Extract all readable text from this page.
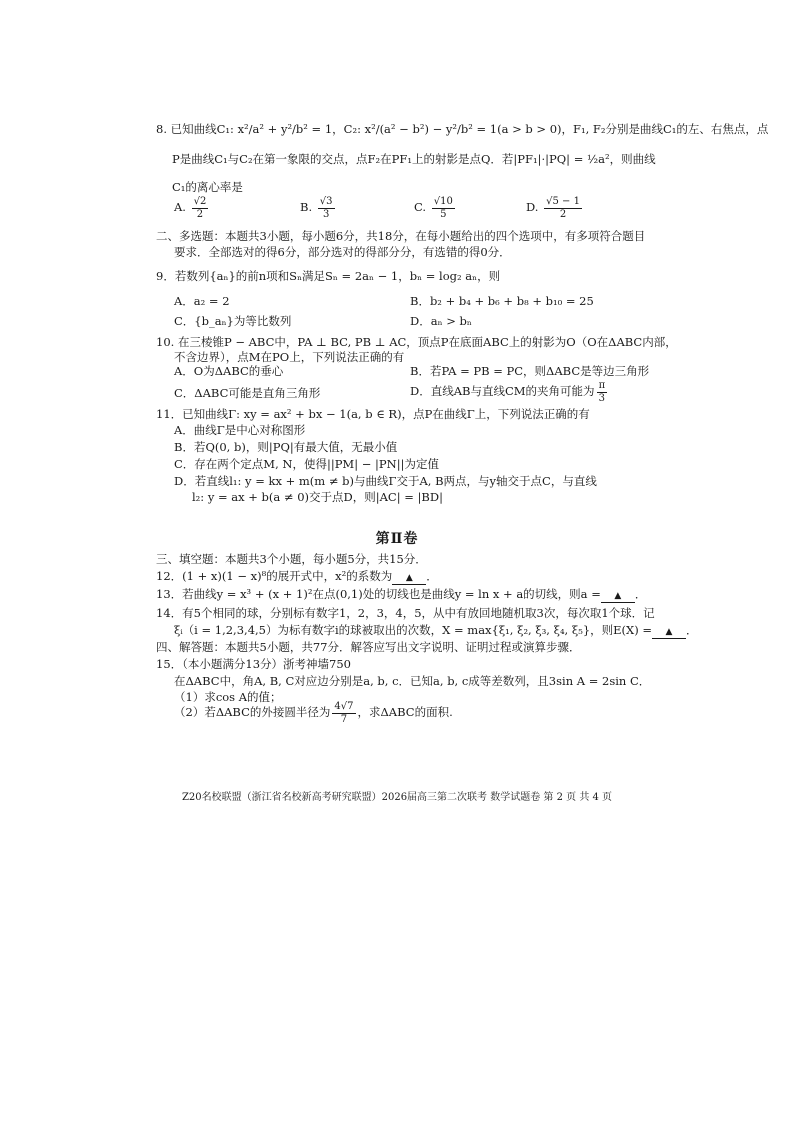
8. 已知曲线C₁: x²/a² + y²/b² = 1，C₂: x²/(a² − b²) − y²/b² = 1(a > b > 0)，F₁, F₂分别是曲线C₁的左、右焦点，点
P是曲线C₁与C₂在第一象限的交点，点F₂在PF₁上的射影是点Q．若|PF₁|·|PQ| = ½a²，则曲线
C₁的离心率是
A. $\frac{√2}{2}$	B. $\frac{√3}{3}$	C. $\frac{√10}{5}$	D. $\frac{√5 - 1}{2}$
二、多选题：本题共3小题，每小题6分，共18分，在每小题给出的四个选项中，有多项符合题目
要求．全部选对的得6分，部分选对的得部分分，有选错的得0分．
9．若数列{aₙ}的前n项和Sₙ满足Sₙ = 2aₙ − 1，bₙ = log₂ aₙ，则
A．a₂ = 2	B．b₂ + b₄ + b₆ + b₈ + b₁₀ = 25
C．{b_aₙ}为等比数列	D．aₙ > bₙ
10. 在三棱锥P − ABC中，PA ⊥ BC, PB ⊥ AC，顶点P在底面ABC上的射影为O（O在ΔABC内部，
不含边界），点M在PO上，下列说法正确的有
A．O为ΔABC的垂心	B．若PA = PB = PC，则ΔABC是等边三角形
C．ΔABC可能是直角三角形	D．直线AB与直线CM的夹角可能为 $\frac{\pi}{3}$
11．已知曲线Γ: xy = ax² + bx − 1(a, b ∈ R)，点P在曲线Γ上，下列说法正确的有
A．曲线Γ是中心对称图形
B．若Q(0, b)，则|PQ|有最大值，无最小值
C．存在两个定点M, N，使得||PM| − |PN||为定值
D．若直线l₁: y = kx + m(m ≠ b)与曲线Γ交于A, B两点，与y轴交于点C，与直线
l₂: y = ax + b(a ≠ 0)交于点D，则|AC| = |BD|
第Ⅱ卷
三、填空题：本题共3个小题，每小题5分，共15分．
12．(1 + x)(1 − x)⁸的展开式中，x²的系数为 ▲ ．
13．若曲线y = x³ + (x + 1)²在点(0,1)处的切线也是曲线y = ln x + a的切线，则a = ▲ ．
14．有5个相同的球，分别标有数字1，2，3，4，5，从中有放回地随机取3次，每次取1个球．记
ξᵢ（i = 1,2,3,4,5）为标有数字i的球被取出的次数，X = max{ξ₁, ξ₂, ξ₃, ξ₄, ξ₅}，则E(X) = ▲ ．
四、解答题：本题共5小题，共77分．解答应写出文字说明、证明过程或演算步骤．
15．（本小题满分13分）浙考神墙750
在ΔABC中，角A, B, C对应边分别是a, b, c．已知a, b, c成等差数列，且3sin A = 2sin C．
（1）求cos A的值；
（2）若ΔABC的外接圆半径为 $\frac{4√7}{7}$ ，求ΔABC的面积.
Z20名校联盟（浙江省名校新高考研究联盟）2026届高三第二次联考 数学试题卷 第 2 页 共 4 页
